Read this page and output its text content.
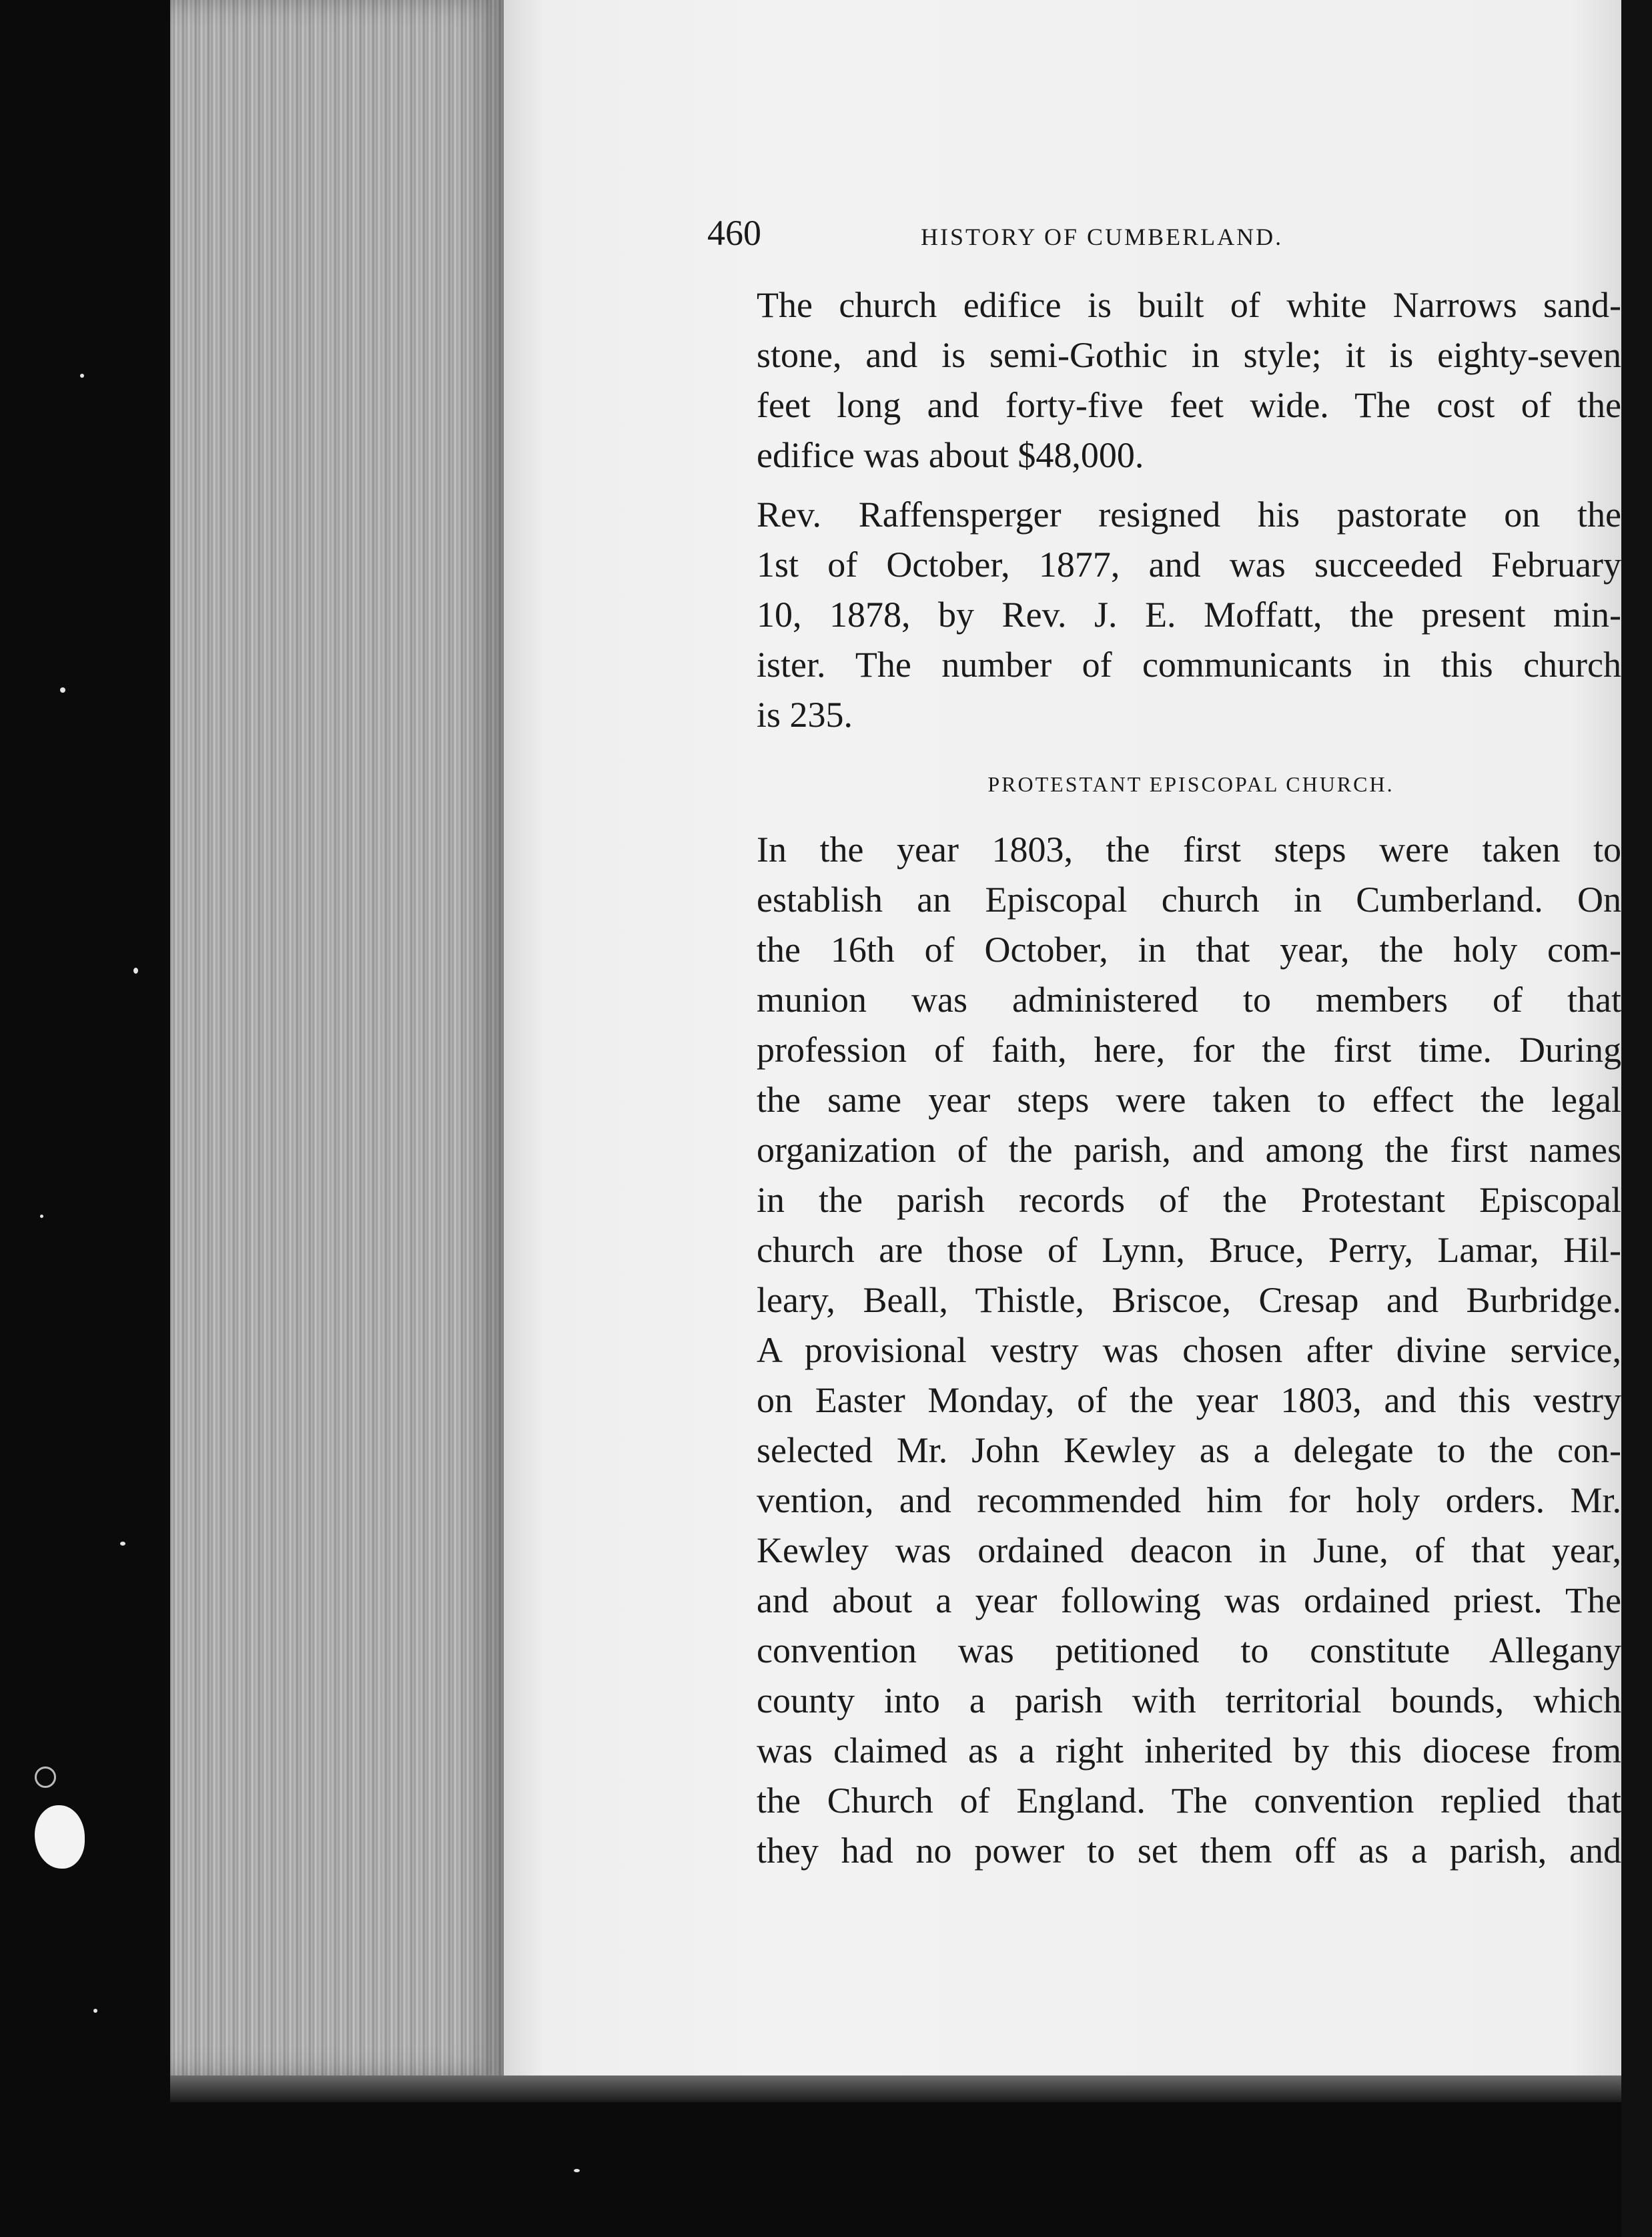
460	HISTORY OF CUMBERLAND.

The church edifice is built of white Narrows sand-
stone, and is semi-Gothic in style; it is eighty-seven
feet long and forty-five feet wide. The cost of the
edifice was about $48,000.

Rev. Raffensperger resigned his pastorate on the
1st of October, 1877, and was succeeded February
10, 1878, by Rev. J. E. Moffatt, the present min-
ister. The number of communicants in this church
is 235.

PROTESTANT EPISCOPAL CHURCH.

In the year 1803, the first steps were taken to
establish an Episcopal church in Cumberland. On
the 16th of October, in that year, the holy com-
munion was administered to members of that
profession of faith, here, for the first time. During
the same year steps were taken to effect the legal
organization of the parish, and among the first names
in the parish records of the Protestant Episcopal
church are those of Lynn, Bruce, Perry, Lamar, Hil-
leary, Beall, Thistle, Briscoe, Cresap and Burbridge.
A provisional vestry was chosen after divine service,
on Easter Monday, of the year 1803, and this vestry
selected Mr. John Kewley as a delegate to the con-
vention, and recommended him for holy orders. Mr.
Kewley was ordained deacon in June, of that year,
and about a year following was ordained priest. The
convention was petitioned to constitute Allegany
county into a parish with territorial bounds, which
was claimed as a right inherited by this diocese from
the Church of England. The convention replied that
they had no power to set them off as a parish, and
